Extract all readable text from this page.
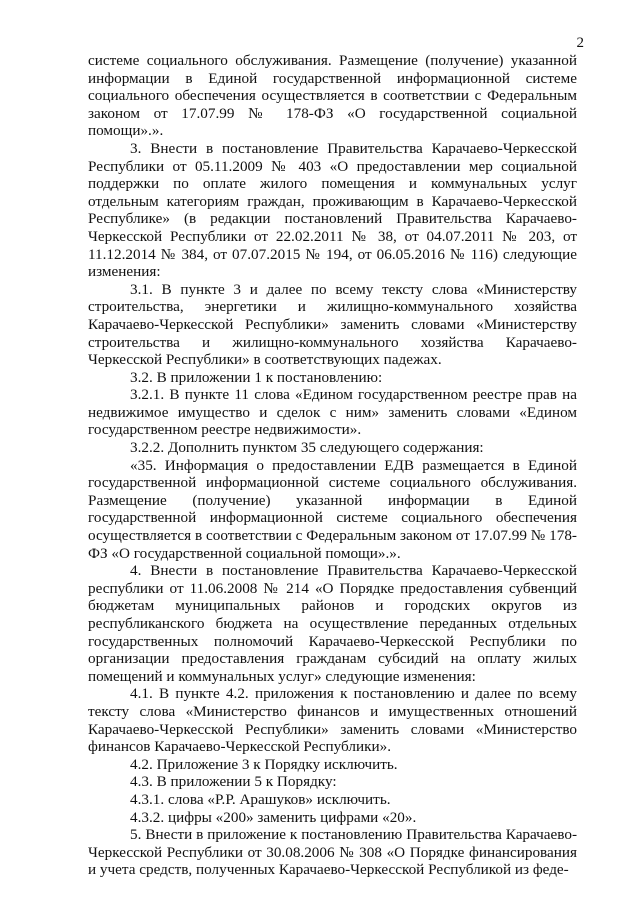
2

системе социального обслуживания. Размещение (получение) указанной информации в Единой государственной информационной системе социального обеспечения осуществляется в соответствии с Федеральным законом от 17.07.99 № 178-ФЗ «О государственной социальной помощи».».

3. Внести в постановление Правительства Карачаево-Черкесской Республики от 05.11.2009 № 403 «О предоставлении мер социальной поддержки по оплате жилого помещения и коммунальных услуг отдельным категориям граждан, проживающим в Карачаево-Черкесской Республике» (в редакции постановлений Правительства Карачаево-Черкесской Республики от 22.02.2011 № 38, от 04.07.2011 № 203, от 11.12.2014 № 384, от 07.07.2015 № 194, от 06.05.2016 № 116) следующие изменения:

3.1. В пункте 3 и далее по всему тексту слова «Министерству строительства, энергетики и жилищно-коммунального хозяйства Карачаево-Черкесской Республики» заменить словами «Министерству строительства и жилищно-коммунального хозяйства Карачаево-Черкесской Республики» в соответствующих падежах.

3.2. В приложении 1 к постановлению:

3.2.1. В пункте 11 слова «Едином государственном реестре прав на недвижимое имущество и сделок с ним» заменить словами «Едином государственном реестре недвижимости».

3.2.2. Дополнить пунктом 35 следующего содержания:

«35. Информация о предоставлении ЕДВ размещается в Единой государственной информационной системе социального обслуживания. Размещение (получение) указанной информации в Единой государственной информационной системе социального обеспечения осуществляется в соответствии с Федеральным законом от 17.07.99 № 178-ФЗ «О государственной социальной помощи».».

4. Внести в постановление Правительства Карачаево-Черкесской республики от 11.06.2008 № 214 «О Порядке предоставления субвенций бюджетам муниципальных районов и городских округов из республиканского бюджета на осуществление переданных отдельных государственных полномочий Карачаево-Черкесской Республики по организации предоставления гражданам субсидий на оплату жилых помещений и коммунальных услуг» следующие изменения:

4.1. В пункте 4.2. приложения к постановлению и далее по всему тексту слова «Министерство финансов и имущественных отношений Карачаево-Черкесской Республики» заменить словами «Министерство финансов Карачаево-Черкесской Республики».

4.2. Приложение 3 к Порядку исключить.

4.3. В приложении 5 к Порядку:

4.3.1. слова «Р.Р. Арашуков» исключить.

4.3.2. цифры «200» заменить цифрами «20».

5. Внести в приложение к постановлению Правительства Карачаево-Черкесской Республики от 30.08.2006 № 308 «О Порядке финансирования и учета средств, полученных Карачаево-Черкесской Республикой из феде-
